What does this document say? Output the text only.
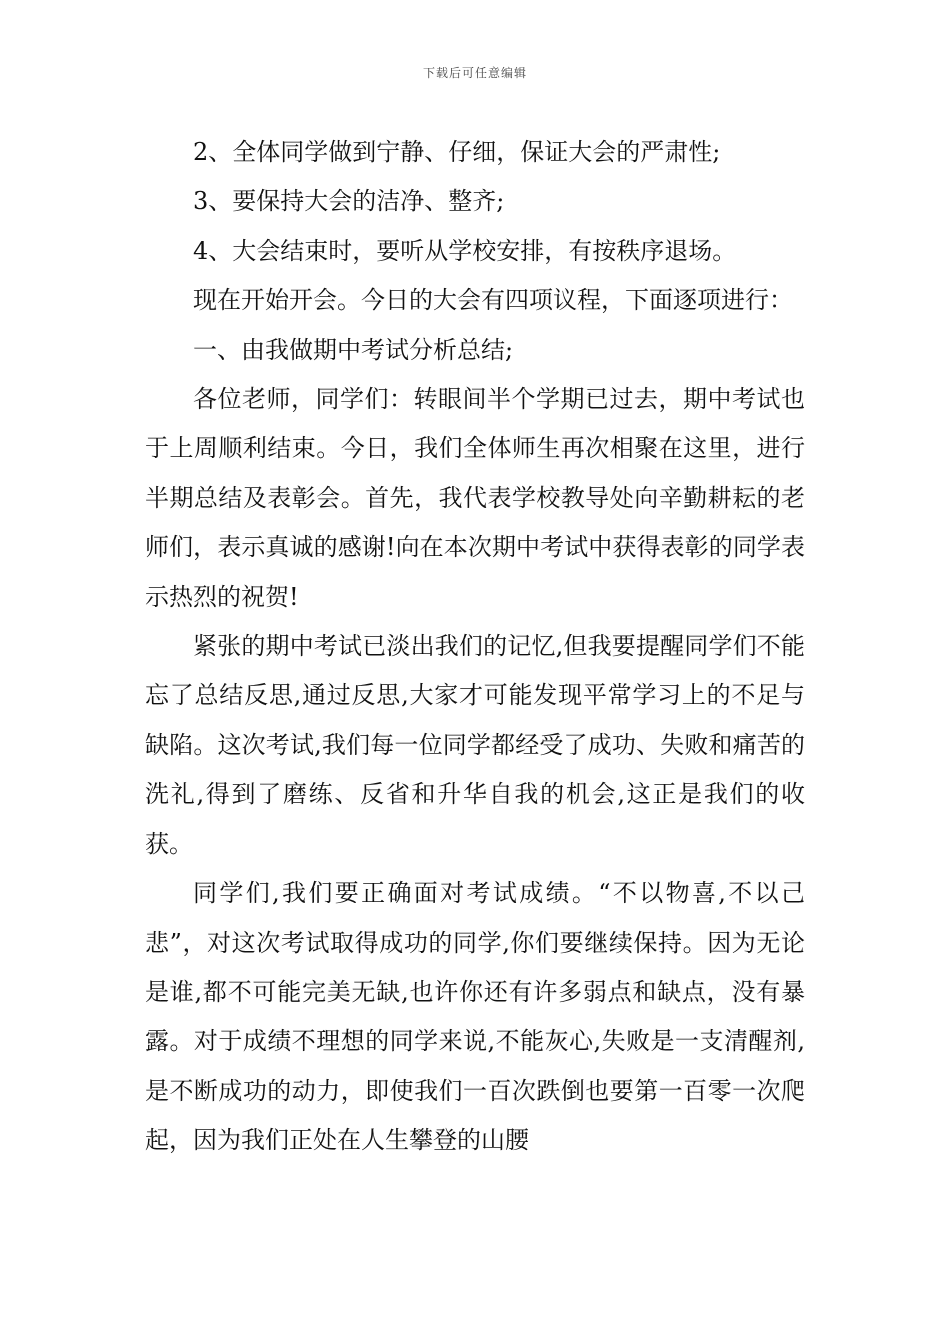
下载后可任意编辑

2、全体同学做到宁静、仔细，保证大会的严肃性;

3、要保持大会的洁净、整齐;

4、大会结束时，要听从学校安排，有按秩序退场。

现在开始开会。今日的大会有四项议程，下面逐项进行：

一、由我做期中考试分析总结;

各位老师，同学们：转眼间半个学期已过去，期中考试也于上周顺利结束。今日，我们全体师生再次相聚在这里，进行半期总结及表彰会。首先，我代表学校教导处向辛勤耕耘的老师们，表示真诚的感谢!向在本次期中考试中获得表彰的同学表示热烈的祝贺!

紧张的期中考试已淡出我们的记忆,但我要提醒同学们不能忘了总结反思,通过反思,大家才可能发现平常学习上的不足与缺陷。这次考试,我们每一位同学都经受了成功、失败和痛苦的洗礼,得到了磨练、反省和升华自我的机会,这正是我们的收获。

同学们,我们要正确面对考试成绩。“不以物喜,不以己悲”，对这次考试取得成功的同学,你们要继续保持。因为无论是谁,都不可能完美无缺,也许你还有许多弱点和缺点，没有暴露。对于成绩不理想的同学来说,不能灰心,失败是一支清醒剂,是不断成功的动力，即使我们一百次跌倒也要第一百零一次爬起，因为我们正处在人生攀登的山腰
